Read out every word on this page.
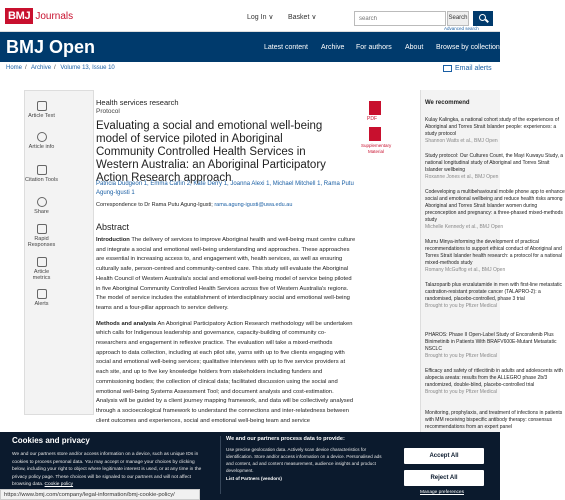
BMJ Journals	Log In ∨ Basket ∨
search	Search
Advanced search
BMJ Open	Latest content Archive For authors About Browse by collection
Home / Archive / Volume 13, Issue 10	Email alerts
Article Text
Article info
Citation Tools
Share
Rapid Responses
Article metrics
Alerts
Health services research
Protocol
Evaluating a social and emotional well-being model of service piloted in Aboriginal Community Controlled Health Services in Western Australia: an Aboriginal Participatory Action Research approach
Patricia Dudgeon 1, Emma Carlin 2, Kate Derry 1, Joanna Alexi 1, Michael Mitchell 1, Rama Putu Agung-Igusti 1
Correspondence to Dr Rama Putu Agung-Igusti; rama.agung-igusti@uwa.edu.au
Abstract

Introduction The delivery of services to improve Aboriginal health and well-being must centre culture and integrate a social and emotional well-being understanding and approaches. These approaches are essential in increasing access to, and engagement with, health services, as well as ensuring culturally safe, person-centred and community-centred care. This study will evaluate the Aboriginal Health Council of Western Australia's social and emotional well-being model of service being piloted in five Aboriginal Community Controlled Health Services across five of Western Australia's regions. The model of service includes the establishment of interdisciplinary social and emotional well-being teams and a four-pillar approach to service delivery.

Methods and analysis An Aboriginal Participatory Action Research methodology will be undertaken which calls for Indigenous leadership and governance, capacity-building of community co-researchers and engagement in reflexive practice. The evaluation will take a mixed-methods approach to data collection, including at each pilot site, yarns with up to five clients engaging with social and emotional well-being services; qualitative interviews with up to five service providers at each site, and up to five key knowledge holders from stakeholders including funders and commissioning bodies; the collection of clinical data; facilitated discussion using the social and emotional well-being Systems Assessment Tool; and document analysis and cost-estimation. Analysis will be guided by a client journey mapping framework, and data will be collectively analysed through a socioecological framework to understand the connections and inter-relatedness between client outcomes and experiences, social and emotional well-being team and service

PDF
Supplementary Material
We recommend
Kulay Kalingka, a national cohort study of the experiences of Aboriginal and Torres Strait Islander people: experiences: a study protocol
Shannon Watts et al., BMJ Open
Study protocol: Our Cultures Count, the Mayi Kuwayu Study, a national longitudinal study of Aboriginal and Torres Strait Islander wellbeing
Roxanne Jones et al., BMJ Open
Codeveloping a multibehavioural mobile phone app to enhance social and emotional wellbeing and reduce health risks among Aboriginal and Torres Strait Islander women during preconception and pregnancy: a three-phased mixed-methods study
Michelle Kennedy et al., BMJ Open
Murru Minya-informing the development of practical recommendations to support ethical conduct of Aboriginal and Torres Strait Islander health research: a protocol for a national mixed-methods study
Romany McGuffog et al., BMJ Open
Talazoparib plus enzalutamide in men with first-line metastatic castration-resistant prostate cancer (TALAPRO-2): a randomised, placebo-controlled, phase 3 trial
Brought to you by Pfizer Medical
PHAROS: Phase II Open-Label Study of Encorafenib Plus Binimetinib in Patients With BRAFV600E-Mutant Metastatic NSCLC
Brought to you by Pfizer Medical
Efficacy and safety of ritlecitinib in adults and adolescents with alopecia areata: results from the ALLEGRO phase 2b/3 randomized, double-blind, placebo-controlled trial
Brought to you by Pfizer Medical
Monitoring, prophylaxis, and treatment of infections in patients with MM receiving bispecific antibody therapy: consensus recommendations from an expert panel
Cookies and privacy
We and our partners store and/or access information on a device, such as unique IDs in cookies to process personal data. You may accept or manage your choices by clicking below, including your right to object where legitimate interest is used, or at any time in the privacy policy page. These choices will be signaled to our partners and will not affect browsing data. Cookie policy
We and our partners process data to provide:
Use precise geolocation data. Actively scan device characteristics for identification. Store and/or access information on a device. Personalised ads and content, ad and content measurement, audience insights and product development.
List of Partners (vendors)
Accept All
Reject All
Manage preferences
https://www.bmj.com/company/legal-information/bmj-cookie-policy/
